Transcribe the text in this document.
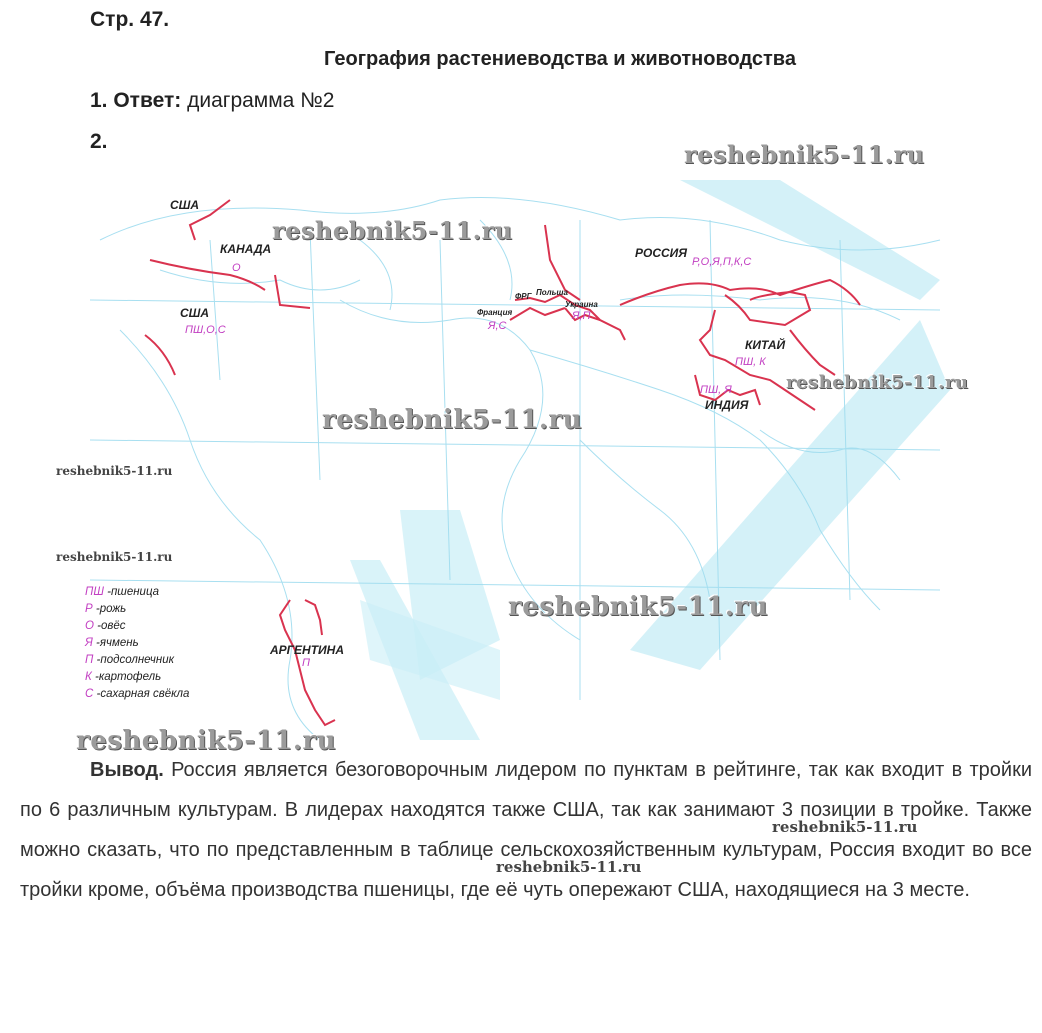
Стр. 47.
География растениеводства и животноводства
1. Ответ: диаграмма №2
2.
США
КАНАДА
О
США
ПШ,О,С
РОССИЯ
Р,О,Я,П,К,С
Франция
Я,С
ФРГ Польша
Украина
Я,П
КИТАЙ
ПШ, К
ПШ, Я
ИНДИЯ
АРГЕНТИНА
П
ПШ -пшеница
Р -рожь
О -овёс
Я -ячмень
П -подсолнечник
К -картофель
С -сахарная свёкла
reshebnik5-11.ru
reshebnik5-11.ru
reshebnik5-11.ru
reshebnik5-11.ru
reshebnik5-11.ru
reshebnik5-11.ru
reshebnik5-11.ru
reshebnik5-11.ru
reshebnik5-11.ru
reshebnik5-11.ru
Вывод. Россия является безоговорочным лидером по пунктам в рейтинге, так как входит в тройки по 6 различным культурам. В лидерах находятся также США, так как занимают 3 позиции в тройке. Также можно сказать, что по представленным в таблице сельскохозяйственным культурам, Россия входит во все тройки кроме, объёма производства пшеницы, где её чуть опережают США, находящиеся на 3 месте.
